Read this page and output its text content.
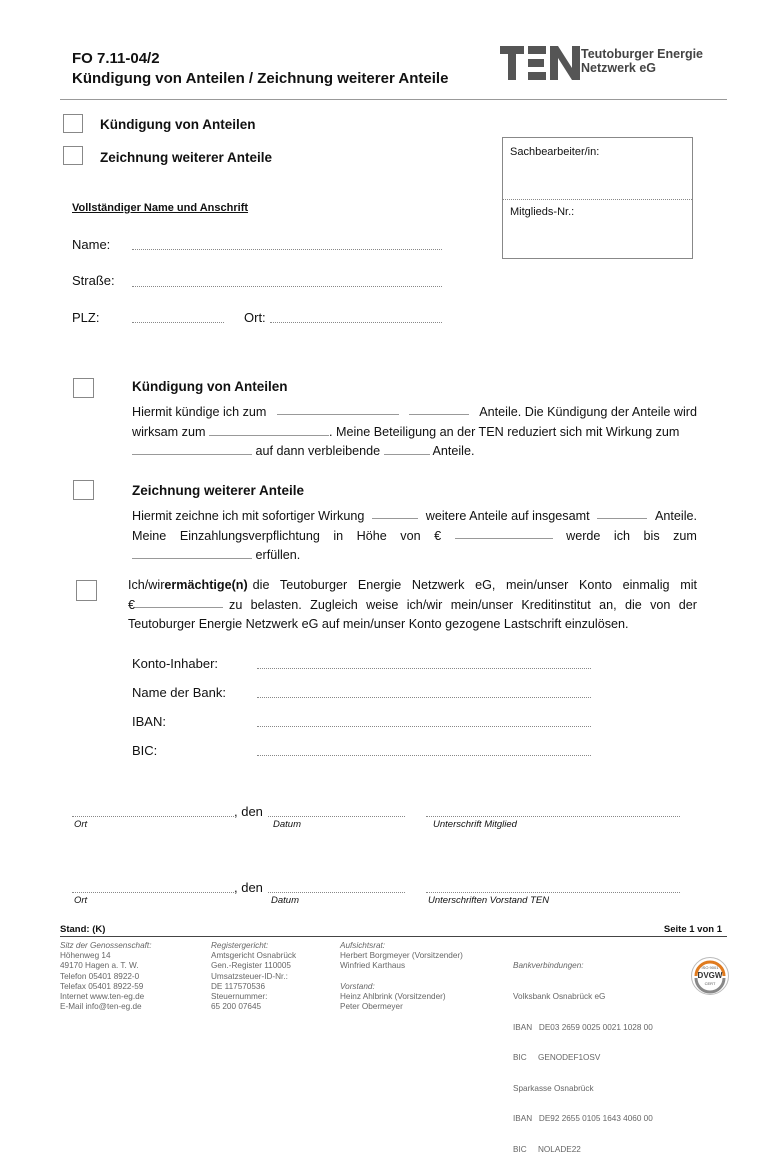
FO 7.11-04/2
Kündigung von Anteilen / Zeichnung weiterer Anteile
Teutoburger Energie
Netzwerk eG
Kündigung von Anteilen
Zeichnung weiterer Anteile	Sachbearbeiter/in:
Mitglieds-Nr.:
Vollständiger Name und Anschrift
Name:
Straße:
PLZ:	Ort:
Kündigung von Anteilen
Hiermit kündige ich zum	Anteile. Die Kündigung der Anteile wird
wirksam zum	. Meine Beteiligung an der TEN reduziert sich mit Wirkung zum
auf dann verbleibende	Anteile.
Zeichnung weiterer Anteile
Hiermit zeichne ich mit sofortiger Wirkung	weitere Anteile auf insgesamt	Anteile.
Meine Einzahlungsverpflichtung in Höhe von €	werde ich bis zum
erfüllen.
Ich/wir ermächtige(n) die Teutoburger Energie Netzwerk eG, mein/unser Konto einmalig mit
€	zu belasten. Zugleich weise ich/wir mein/unser Kreditinstitut an, die von der
Teutoburger Energie Netzwerk eG auf mein/unser Konto gezogene Lastschrift einzulösen.
Konto-Inhaber:
Name der Bank:
IBAN:
BIC:
, den
Ort	Datum	Unterschrift Mitglied
, den
Ort	Datum	Unterschriften Vorstand TEN
Stand: (K)	Seite 1 von 1
Sitz der Genossenschaft:
Höhenweg 14
49170 Hagen a. T. W.
Telefon 05401 8922-0
Telefax 05401 8922-59
Internet www.ten-eg.de
E-Mail info@ten-eg.de
Registergericht:
Amtsgericht Osnabrück
Gen.-Register 110005
Umsatzsteuer-ID-Nr.:
DE 117570536
Steuernummer:
65 200 07645
Aufsichtsrat:
Herbert Borgmeyer (Vorsitzender)
Winfried Karthaus
Vorstand:
Heinz Ahlbrink (Vorsitzender)
Peter Obermeyer

Bankverbindungen:

Volksbank Osnabrück eG

IBAN   DE03 2659 0025 0021 1028 00

BIC     GENODEF1OSV

Sparkasse Osnabrück

IBAN   DE92 2655 0105 1643 4060 00

BIC     NOLADE22

ISO 9001
DVGW
CERT
